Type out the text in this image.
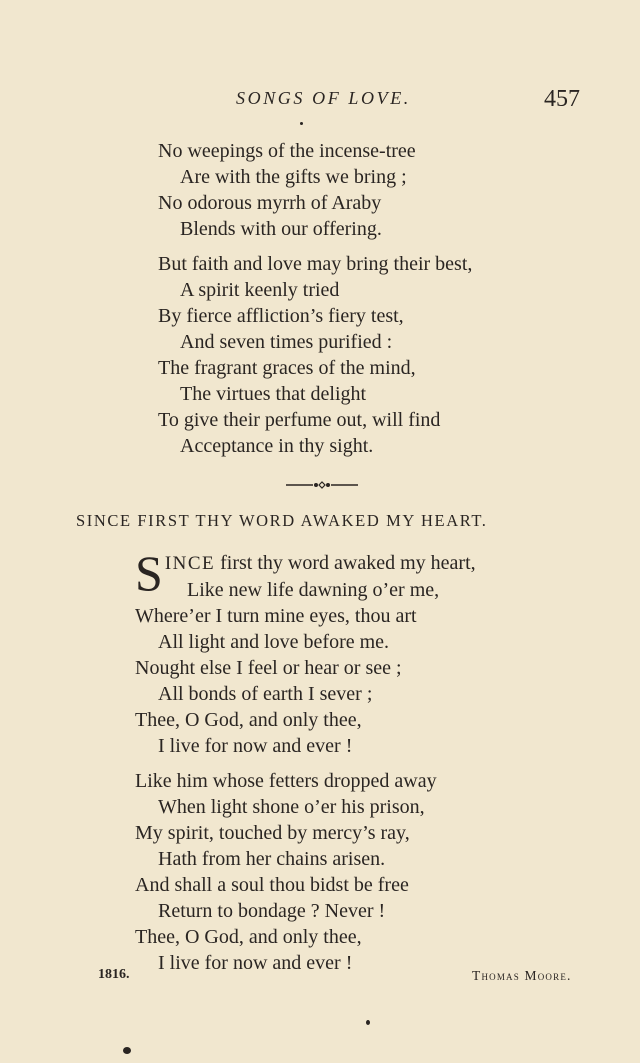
SONGS OF LOVE.	457
No weepings of the incense-tree
Are with the gifts we bring ;
No odorous myrrh of Araby
Blends with our offering.
But faith and love may bring their best,
A spirit keenly tried
By fierce affliction’s fiery test,
And seven times purified :
The fragrant graces of the mind,
The virtues that delight
To give their perfume out, will find
Acceptance in thy sight.
SINCE FIRST THY WORD AWAKED MY HEART.
SINCE first thy word awaked my heart,
Like new life dawning o’er me,
Where’er I turn mine eyes, thou art
All light and love before me.
Nought else I feel or hear or see ;
All bonds of earth I sever ;
Thee, O God, and only thee,
I live for now and ever !
Like him whose fetters dropped away
When light shone o’er his prison,
My spirit, touched by mercy’s ray,
Hath from her chains arisen.
And shall a soul thou bidst be free
Return to bondage ? Never !
Thee, O God, and only thee,
I live for now and ever !
1816.	Thomas Moore.
